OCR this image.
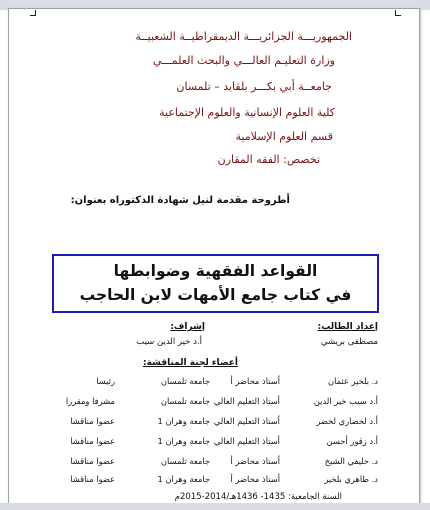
الجمهوريـــة الجزائريـــة الديمقراطيــة الشعبيــة
وزارة التعليـم العالـــي والبحث العلمـــي
جامعــة أبي بكـــر بلقايد – تلمسان
كلية العلوم الإنسانية والعلوم الإجتماعية
قسم العلوم الإسلامية
تخصص: الفقه المقارن
أطروحة مقدمة لنيل شهادة الدكتوراه بعنوان:
القواعد الفقهية وضوابطها
في كتاب جامع الأمهات لابن الحاجب
إعداد الطالب:
إشراف:
مصطفى بريشي
أ.د خير الدين سيب
أعضاء لجنة المناقشة:
د. بلخير عثمان
أستاذ محاضر أ
جامعة تلمسان
رئيسا
أ.د سيب خير الدين
أستاذ التعليم العالي
جامعة تلمسان
مشرفا ومقررا
أ.د لخضاري لخضر
أستاذ التعليم العالي
جامعة وهران 1
عضوا مناقشا
أ.د زقور أحسن
أستاذ التعليم العالي
جامعة وهران 1
عضوا مناقشا
د. خليفي الشيخ
أستاذ محاضر أ
جامعة تلمسان
عضوا مناقشا
د. طاهري بلخير
أستاذ محاضر أ
جامعة وهران 1
عضوا مناقشا
السنة الجامعية: 1435- 1436هـ/2014-2015م
